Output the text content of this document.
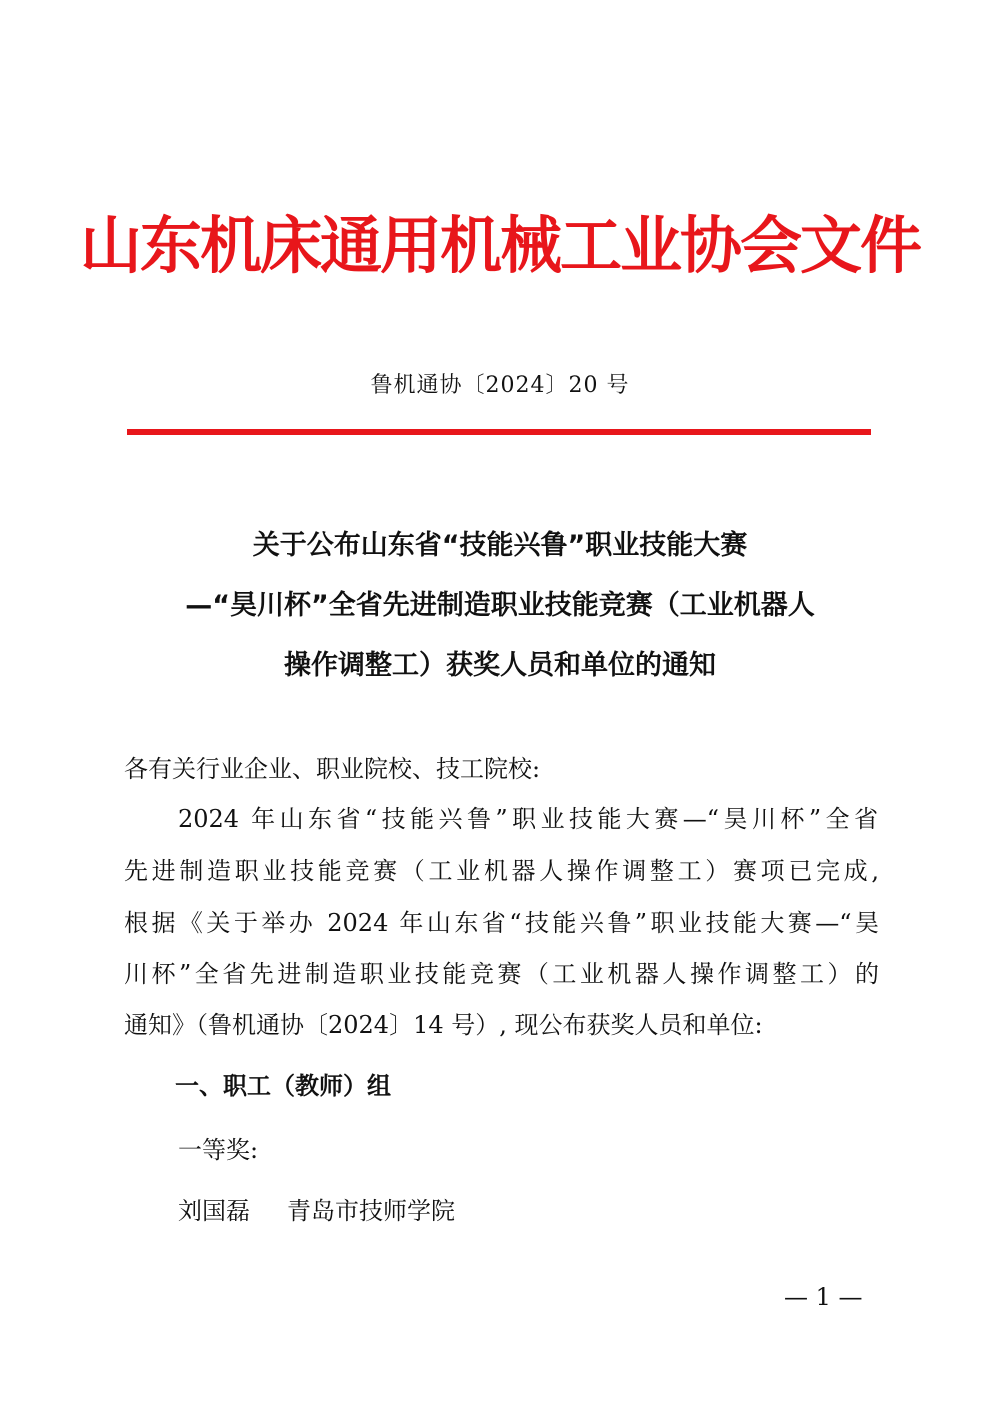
山东机床通用机械工业协会文件
鲁机通协〔2024〕20 号
关于公布山东省“技能兴鲁”职业技能大赛
—“昊川杯”全省先进制造职业技能竞赛（工业机器人
操作调整工）获奖人员和单位的通知
各有关行业企业、职业院校、技工院校:
2024 年山东省“技能兴鲁”职业技能大赛—“昊川杯”全省
先进制造职业技能竞赛（工业机器人操作调整工）赛项已完成,
根据《关于举办 2024 年山东省“技能兴鲁”职业技能大赛—“昊
川杯”全省先进制造职业技能竞赛（工业机器人操作调整工）的
通知》（鲁机通协〔2024〕14 号）, 现公布获奖人员和单位:
一、职工（教师）组
一等奖:
刘国磊 青岛市技师学院
— 1 —
